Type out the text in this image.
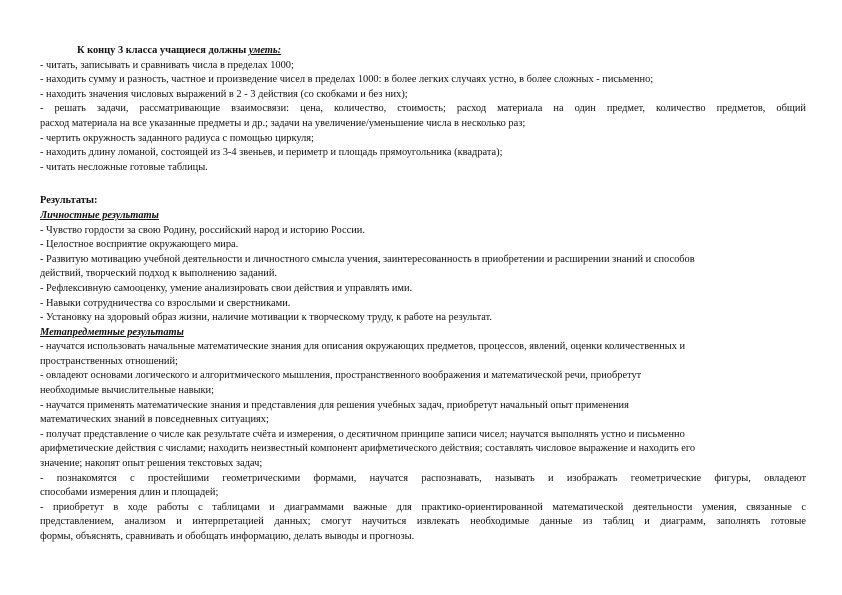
К концу 3 класса учащиеся должны уметь:
- читать, записывать и сравнивать числа в пределах 1000;
- находить сумму и разность, частное и произведение чисел в пределах 1000: в более легких случаях устно, в более сложных - письменно;
- находить значения числовых выражений в 2 - 3 действия (со скобками и без них);
- решать задачи, рассматривающие взаимосвязи: цена, количество, стоимость; расход материала на один предмет, количество предметов, общий
расход материала на все указанные предметы и др.; задачи на увеличение/уменьшение числа в несколько раз;
- чертить окружность заданного радиуса с помощью циркуля;
- находить длину ломаной, состоящей из 3-4 звеньев, и периметр и площадь прямоугольника (квадрата);
- читать несложные готовые таблицы.
Результаты:
Личностные результаты
- Чувство гордости за свою Родину, российский народ и историю России.
- Целостное восприятие окружающего мира.
- Развитую мотивацию учебной деятельности и личностного смысла учения, заинтересованность в приобретении и расширении знаний и способов
действий, творческий подход к выполнению заданий.
- Рефлексивную самооценку, умение анализировать свои действия и управлять ими.
- Навыки сотрудничества со взрослыми и сверстниками.
- Установку на здоровый образ жизни, наличие мотивации к творческому труду, к работе на результат.
Метапредметные результаты
- научатся использовать начальные математические знания для описания окружающих предметов, процессов, явлений, оценки количественных и
пространственных отношений;
- овладеют основами логического и алгоритмического мышления, пространственного воображения и математической речи, приобретут
необходимые вычислительные навыки;
- научатся применять математические знания и представления для решения учебных задач, приобретут начальный опыт применения
математических знаний в повседневных ситуациях;
- получат представление о числе как результате счёта и измерения, о десятичном принципе записи чисел; научатся выполнять устно и письменно
арифметические действия с числами; находить неизвестный компонент арифметического действия; составлять числовое выражение и находить его
значение; накопят опыт решения текстовых задач;
- познакомятся с простейшими геометрическими формами, научатся распознавать, называть и изображать геометрические фигуры, овладеют
способами измерения длин и площадей;
- приобретут в ходе работы с таблицами и диаграммами важные для практико-ориентированной математической деятельности умения, связанные с
представлением, анализом и интерпретацией данных; смогут научиться извлекать необходимые данные из таблиц и диаграмм, заполнять готовые
формы, объяснять, сравнивать и обобщать информацию, делать выводы и прогнозы.
